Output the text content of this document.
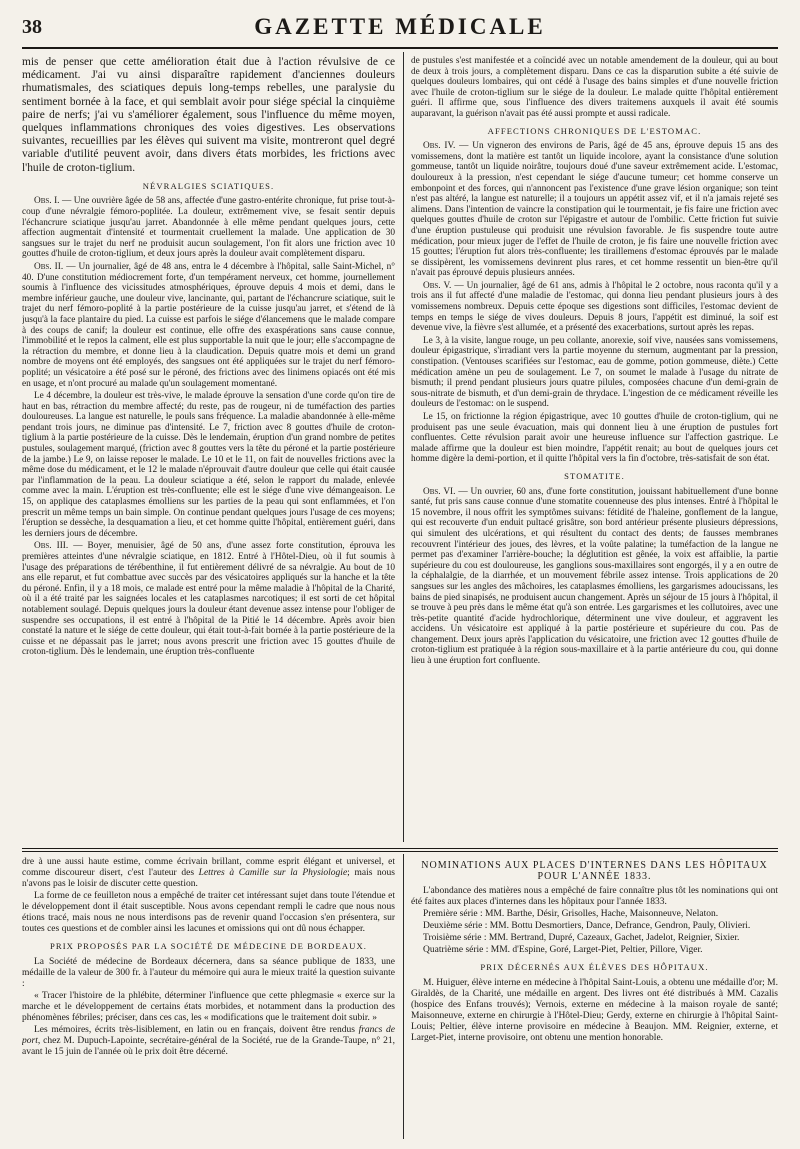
38	GAZETTE MÉDICALE

mis de penser que cette amélioration était due à l'action révulsive de ce médicament. J'ai vu ainsi disparaître rapidement d'anciennes douleurs rhumatismales, des sciatiques depuis long-temps rebelles, une paralysie du sentiment bornée à la face, et qui semblait avoir pour siége spécial la cinquième paire de nerfs; j'ai vu s'améliorer également, sous l'influence du même moyen, quelques inflammations chroniques des voies digestives. Les observations suivantes, recueillies par les élèves qui suivent ma visite, montreront quel degré variable d'utilité peuvent avoir, dans divers états morbides, les frictions avec l'huile de croton-tiglium.

NÉVRALGIES SCIATIQUES.

Obs. I. — Une ouvrière âgée de 58 ans, affectée d'une gastro-entérite chronique, fut prise tout-à-coup d'une névralgie fémoro-poplitée. La douleur, extrêmement vive, se fesait sentir depuis l'échancrure sciatique jusqu'au jarret. Abandonnée à elle même pendant quelques jours, cette affection augmentait d'intensité et tourmentait cruellement la malade. Une application de 30 sangsues sur le trajet du nerf ne produisit aucun soulagement, l'on fit alors une friction avec 10 gouttes d'huile de croton-tiglium, et deux jours après la douleur avait complètement disparu.

Obs. II. — Un journalier, âgé de 48 ans, entra le 4 décembre à l'hôpital, salle Saint-Michel, n° 40. D'une constitution médiocrement forte, d'un tempérament nerveux, cet homme, journellement soumis à l'influence des vicissitudes atmosphériques, éprouve depuis 4 mois et demi, dans le membre inférieur gauche, une douleur vive, lancinante, qui, partant de l'échancrure sciatique, suit le trajet du nerf fémoro-poplité à la partie postérieure de la cuisse jusqu'au jarret, et s'étend de là jusqu'à la face plantaire du pied. La cuisse est parfois le siége d'élancemens que le malade compare à des coups de canif; la douleur est continue, elle offre des exaspérations sans cause connue, l'immobilité et le repos la calment, elle est plus supportable la nuit que le jour; elle s'accompagne de la rétraction du membre, et donne lieu à la claudication. Depuis quatre mois et demi un grand nombre de moyens ont été employés, des sangsues ont été appliquées sur le trajet du nerf fémoro-poplité; un vésicatoire a été posé sur le péroné, des frictions avec des linimens opiacés ont été mis en usage, et n'ont procuré au malade qu'un soulagement momentané.

Le 4 décembre, la douleur est très-vive, le malade éprouve la sensation d'une corde qu'on tire de haut en bas, rétraction du membre affecté; du reste, pas de rougeur, ni de tuméfaction des parties douloureuses. La langue est naturelle, le pouls sans fréquence. La maladie abandonnée à elle-même pendant trois jours, ne diminue pas d'intensité. Le 7, friction avec 8 gouttes d'huile de croton-tiglium à la partie postérieure de la cuisse. Dès le lendemain, éruption d'un grand nombre de petites pustules, soulagement marqué, (friction avec 8 gouttes vers la tête du péroné et la partie postérieure de la jambe.) Le 9, on laisse reposer le malade. Le 10 et le 11, on fait de nouvelles frictions avec la même dose du médicament, et le 12 le malade n'éprouvait d'autre douleur que celle qui était causée par l'inflammation de la peau. La douleur sciatique a été, selon le rapport du malade, enlevée comme avec la main. L'éruption est très-confluente; elle est le siége d'une vive démangeaison. Le 15, on applique des cataplasmes émolliens sur les parties de la peau qui sont enflammées, et l'on prescrit un même temps un bain simple. On continue pendant quelques jours l'usage de ces moyens; l'éruption se dessèche, la desquamation a lieu, et cet homme quitte l'hôpital, entièrement guéri, dans les derniers jours de décembre.

Obs. III. — Boyer, menuisier, âgé de 50 ans, d'une assez forte constitution, éprouva les premières atteintes d'une névralgie sciatique, en 1812. Entré à l'Hôtel-Dieu, où il fut soumis à l'usage des préparations de térébenthine, il fut entièrement délivré de sa névralgie. Au bout de 10 ans elle reparut, et fut combattue avec succès par des vésicatoires appliqués sur la hanche et la tête du péroné. Enfin, il y a 18 mois, ce malade est entré pour la même maladie à l'hôpital de la Charité, où il a été traité par les saignées locales et les cataplasmes narcotiques; il est sorti de cet hôpital notablement soulagé. Depuis quelques jours la douleur étant devenue assez intense pour l'obliger de suspendre ses occupations, il est entré à l'hôpital de la Pitié le 14 décembre. Après avoir bien constaté la nature et le siége de cette douleur, qui était tout-à-fait bornée à la partie postérieure de la cuisse et ne dépassait pas le jarret; nous avons prescrit une friction avec 15 gouttes d'huile de croton-tiglium. Dès le lendemain, une éruption très-confluente

de pustules s'est manifestée et a coïncidé avec un notable amendement de la douleur, qui au bout de deux à trois jours, a complètement disparu. Dans ce cas la disparution subite a été suivie de quelques douleurs lombaires, qui ont cédé à l'usage des bains simples et d'une nouvelle friction avec l'huile de croton-tiglium sur le siége de la douleur. Le malade quitte l'hôpital entièrement guéri. Il affirme que, sous l'influence des divers traitemens auxquels il avait été soumis auparavant, la guérison n'avait pas été aussi prompte et aussi radicale.

AFFECTIONS CHRONIQUES DE L'ESTOMAC.

Obs. IV. — Un vigneron des environs de Paris, âgé de 45 ans, éprouve depuis 15 ans des vomissemens, dont la matière est tantôt un liquide incolore, ayant la consistance d'une solution gommeuse, tantôt un liquide noirâtre, toujours doué d'une saveur extrêmement acide. L'estomac, douloureux à la pression, n'est cependant le siége d'aucune tumeur; cet homme conserve un embonpoint et des forces, qui n'annoncent pas l'existence d'une grave lésion organique; son teint n'est pas altéré, la langue est naturelle; il a toujours un appétit assez vif, et il n'a jamais rejeté ses alimens. Dans l'intention de vaincre la constipation qui le tourmentait, je fis faire une friction avec quelques gouttes d'huile de croton sur l'épigastre et autour de l'ombilic. Cette friction fut suivie d'une éruption pustuleuse qui produisit une révulsion favorable. Je fis suspendre toute autre médication, pour mieux juger de l'effet de l'huile de croton, je fis faire une nouvelle friction avec 15 gouttes; l'éruption fut alors très-confluente; les tiraillemens d'estomac éprouvés par le malade se dissipèrent, les vomissemens devinrent plus rares, et cet homme ressentit un bien-être qu'il n'avait pas éprouvé depuis plusieurs années.

Obs. V. — Un journalier, âgé de 61 ans, admis à l'hôpital le 2 octobre, nous raconta qu'il y a trois ans il fut affecté d'une maladie de l'estomac, qui donna lieu pendant plusieurs jours à des vomissemens nombreux. Depuis cette époque ses digestions sont difficiles, l'estomac devient de temps en temps le siége de vives douleurs. Depuis 8 jours, l'appétit est diminué, la soif est devenue vive, la fièvre s'est allumée, et a présenté des exacerbations, surtout après les repas.

Le 3, à la visite, langue rouge, un peu collante, anorexie, soif vive, nausées sans vomissemens, douleur épigastrique, s'irradiant vers la partie moyenne du sternum, augmentant par la pression, constipation. (Ventouses scarifiées sur l'estomac, eau de gomme, potion gommeuse, diète.) Cette médication amène un peu de soulagement. Le 7, on soumet le malade à l'usage du nitrate de bismuth; il prend pendant plusieurs jours quatre pilules, composées chacune d'un demi-grain de sous-nitrate de bismuth, et d'un demi-grain de thrydace. L'ingestion de ce médicament réveille les douleurs de l'estomac: on le suspend.

Le 15, on frictionne la région épigastrique, avec 10 gouttes d'huile de croton-tiglium, qui ne produisent pas une seule évacuation, mais qui donnent lieu à une éruption de pustules fort confluentes. Cette révulsion parait avoir une heureuse influence sur l'affection gastrique. Le malade affirme que la douleur est bien moindre, l'appétit renait; au bout de quelques jours cet homme digère la demi-portion, et il quitte l'hôpital vers la fin d'octobre, très-satisfait de son état.

STOMATITE.

Obs. VI. — Un ouvrier, 60 ans, d'une forte constitution, jouissant habituellement d'une bonne santé, fut pris sans cause connue d'une stomatite couenneuse des plus intenses. Entré à l'hôpital le 15 novembre, il nous offrit les symptômes suivans: fétidité de l'haleine, gonflement de la langue, qui est recouverte d'un enduit pultacé grisâtre, son bord antérieur présente plusieurs dépressions, qui simulent des ulcérations, et qui résultent du contact des dents; de fausses membranes recouvrent l'intérieur des joues, des lèvres, et la voûte palatine; la tuméfaction de la langue ne permet pas d'examiner l'arrière-bouche; la déglutition est gênée, la voix est affaiblie, la partie supérieure du cou est douloureuse, les ganglions sous-maxillaires sont engorgés, il y a en outre de la céphalalgie, de la diarrhée, et un mouvement fébrile assez intense. Trois applications de 20 sangsues sur les angles des mâchoires, les cataplasmes émolliens, les gargarismes adoucissans, les bains de pied sinapisés, ne produisent aucun changement. Après un séjour de 15 jours à l'hôpital, il se trouve à peu près dans le même état qu'à son entrée. Les gargarismes et les collutoires, avec une très-petite quantité d'acide hydrochlorique, déterminent une vive douleur, et aggravent les accidens. Un vésicatoire est appliqué à la partie postérieure et supérieure du cou. Pas de changement. Deux jours après l'application du vésicatoire, une friction avec 12 gouttes d'huile de croton-tiglium est pratiquée à la région sous-maxillaire et à la partie antérieure du cou, qui donne lieu à une éruption fort confluente.

dre à une aussi haute estime, comme écrivain brillant, comme esprit élégant et universel, et comme discoureur disert, c'est l'auteur des Lettres à Camille sur la Physiologie; mais nous n'avons pas le loisir de discuter cette question.

La forme de ce feuilleton nous a empêché de traiter cet intéressant sujet dans toute l'étendue et le développement dont il était susceptible. Nous avons cependant rempli le cadre que nous nous étions tracé, mais nous ne nous interdisons pas de revenir quand l'occasion s'en présentera, sur toutes ces questions et de combler ainsi les lacunes et omissions qui ont dû nous échapper.

PRIX PROPOSÉS PAR LA SOCIÉTÉ DE MÉDECINE DE BORDEAUX.

La Société de médecine de Bordeaux décernera, dans sa séance publique de 1833, une médaille de la valeur de 300 fr. à l'auteur du mémoire qui aura le mieux traité la question suivante :

« Tracer l'histoire de la phlébite, déterminer l'influence que cette phlegmasie « exerce sur la marche et le développement de certains états morbides, et notamment dans la production des phénomènes fébriles; préciser, dans ces cas, les « modifications que le traitement doit subir. »

Les mémoires, écrits très-lisiblement, en latin ou en français, doivent être rendus francs de port, chez M. Dupuch-Lapointe, secrétaire-général de la Société, rue de la Grande-Taupe, n° 21, avant le 15 juin de l'année où le prix doit être décerné.

NOMINATIONS AUX PLACES D'INTERNES DANS LES HÔPITAUX POUR L'ANNÉE 1833.

L'abondance des matières nous a empêché de faire connaître plus tôt les nominations qui ont été faites aux places d'internes dans les hôpitaux pour l'année 1833.

Première série : MM. Barthe, Désir, Grisolles, Hache, Maisonneuve, Nelaton.

Deuxième série : MM. Bottu Desmortiers, Dance, Defrance, Gendron, Pauly, Olivieri.

Troisième série : MM. Bertrand, Dupré, Cazeaux, Gachet, Jadelot, Reignier, Sixier.

Quatrième série : MM. d'Espine, Goré, Larget-Piet, Peltier, Pillore, Viger.

PRIX DÉCERNÉS AUX ÉLÈVES DES HÔPITAUX.

M. Huiguer, élève interne en médecine à l'hôpital Saint-Louis, a obtenu une médaille d'or; M. Giraldès, de la Charité, une médaille en argent. Des livres ont été distribués à MM. Cazalis (hospice des Enfans trouvés); Vernois, externe en médecine à la maison royale de santé; Maisonneuve, externe en chirurgie à l'Hôtel-Dieu; Gerdy, externe en chirurgie à l'hôpital Saint-Louis; Peltier, élève interne provisoire en médecine à Beaujon. MM. Reignier, externe, et Larget-Piet, interne provisoire, ont obtenu une mention honorable.
